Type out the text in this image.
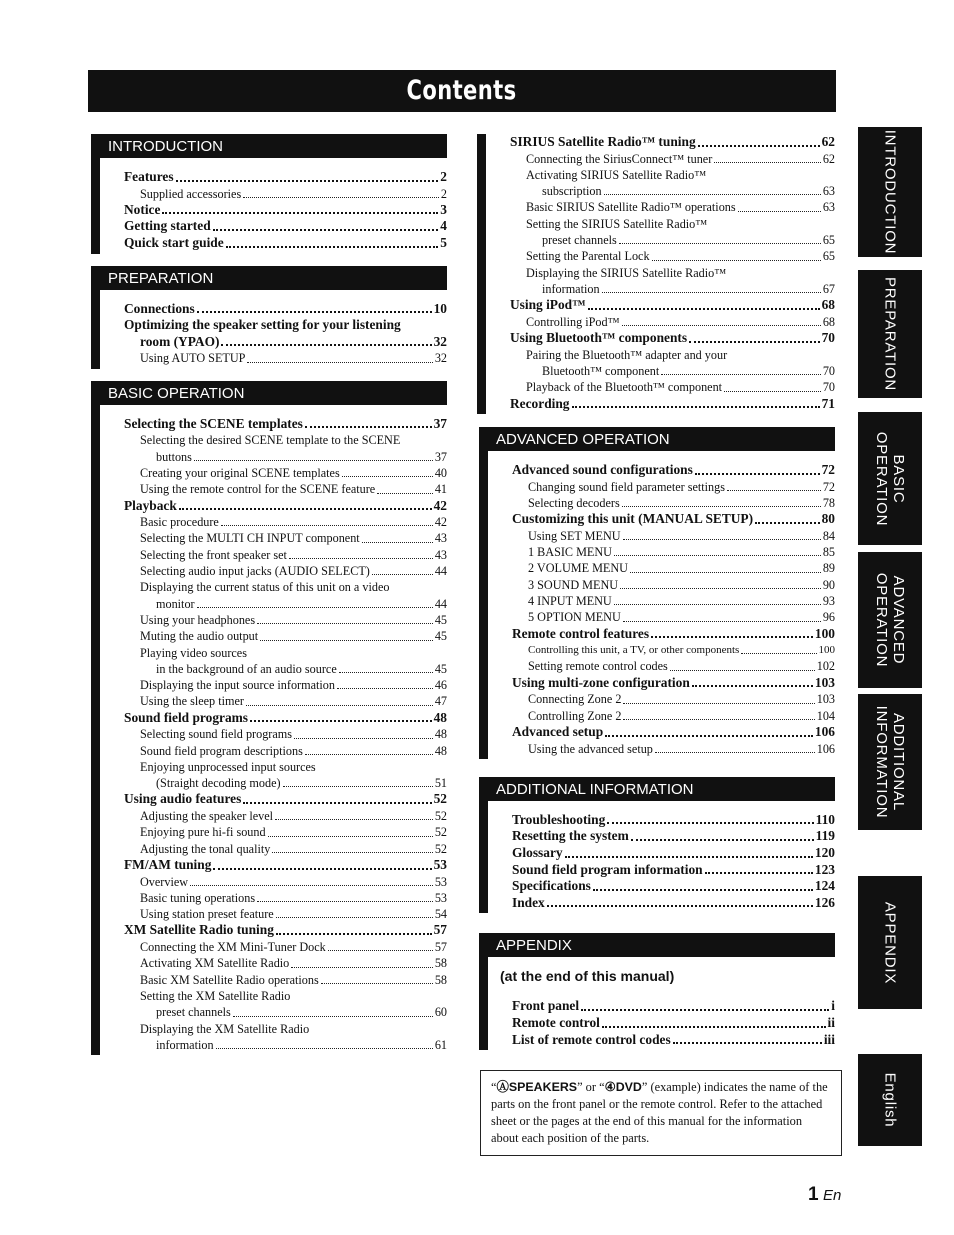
Contents
INTRODUCTION
Features	2
Supplied accessories	2
Notice	3
Getting started	4
Quick start guide	5
PREPARATION
Connections	10
Optimizing the speaker setting for your listening
room (YPAO)	32
Using AUTO SETUP	32
BASIC OPERATION
Selecting the SCENE templates	37
Selecting the desired SCENE template to the SCENE
buttons	37
Creating your original SCENE templates	40
Using the remote control for the SCENE feature	41
Playback	42
Basic procedure	42
Selecting the MULTI CH INPUT component	43
Selecting the front speaker set	43
Selecting audio input jacks (AUDIO SELECT)	44
Displaying the current status of this unit on a video
monitor	44
Using your headphones	45
Muting the audio output	45
Playing video sources
in the background of an audio source	45
Displaying the input source information	46
Using the sleep timer	47
Sound field programs	48
Selecting sound field programs	48
Sound field program descriptions	48
Enjoying unprocessed input sources
(Straight decoding mode)	51
Using audio features	52
Adjusting the speaker level	52
Enjoying pure hi-fi sound	52
Adjusting the tonal quality	52
FM/AM tuning	53
Overview	53
Basic tuning operations	53
Using station preset feature	54
XM Satellite Radio tuning	57
Connecting the XM Mini-Tuner Dock	57
Activating XM Satellite Radio	58
Basic XM Satellite Radio operations	58
Setting the XM Satellite Radio
preset channels	60
Displaying the XM Satellite Radio
information	61
SIRIUS Satellite Radio™ tuning	62
Connecting the SiriusConnect™ tuner	62
Activating SIRIUS Satellite Radio™
subscription	63
Basic SIRIUS Satellite Radio™ operations	63
Setting the SIRIUS Satellite Radio™
preset channels	65
Setting the Parental Lock	65
Displaying the SIRIUS Satellite Radio™
information	67
Using iPod™	68
Controlling iPod™	68
Using Bluetooth™ components	70
Pairing the Bluetooth™ adapter and your
Bluetooth™ component	70
Playback of the Bluetooth™ component	70
Recording	71
ADVANCED OPERATION
Advanced sound configurations	72
Changing sound field parameter settings	72
Selecting decoders	78
Customizing this unit (MANUAL SETUP)	80
Using SET MENU	84
1 BASIC MENU	85
2 VOLUME MENU	89
3 SOUND MENU	90
4 INPUT MENU	93
5 OPTION MENU	96
Remote control features	100
Controlling this unit, a TV, or other components	100
Setting remote control codes	102
Using multi-zone configuration	103
Connecting Zone 2	103
Controlling Zone 2	104
Advanced setup	106
Using the advanced setup	106
ADDITIONAL INFORMATION
Troubleshooting	110
Resetting the system	119
Glossary	120
Sound field program information	123
Specifications	124
Index	126
APPENDIX
(at the end of this manual)
Front panel	i
Remote control	ii
List of remote control codes	iii
INTRODUCTION
PREPARATION
BASIC
OPERATION
ADVANCED
OPERATION
ADDITIONAL
INFORMATION
APPENDIX
English
“ⒶSPEAKERS” or “④DVD” (example) indicates the name of the parts on the front panel or the remote control. Refer to the attached sheet or the pages at the end of this manual for the information about each position of the parts.
1 En
